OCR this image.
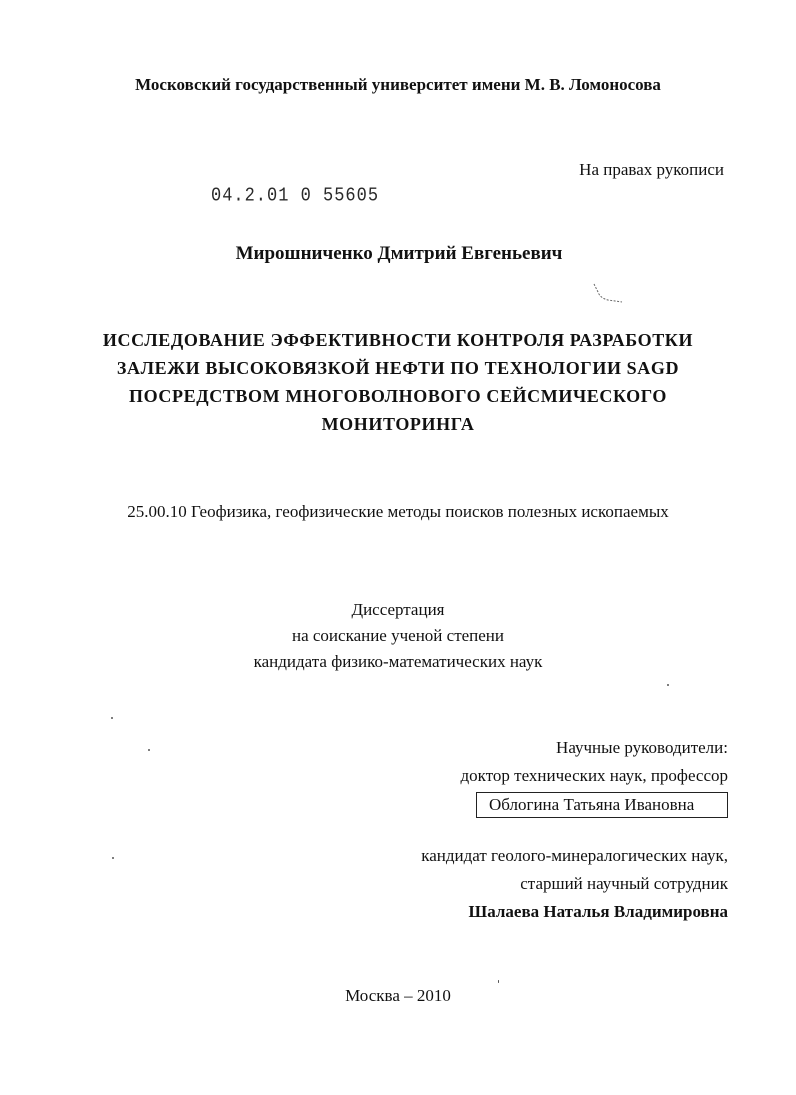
Московский государственный университет имени М. В. Ломоносова
На правах рукописи
04.2.01 0 55605
Мирошниченко Дмитрий Евгеньевич
ИССЛЕДОВАНИЕ ЭФФЕКТИВНОСТИ КОНТРОЛЯ РАЗРАБОТКИ
ЗАЛЕЖИ ВЫСОКОВЯЗКОЙ НЕФТИ ПО ТЕХНОЛОГИИ SAGD
ПОСРЕДСТВОМ МНОГОВОЛНОВОГО СЕЙСМИЧЕСКОГО
МОНИТОРИНГА
25.00.10 Геофизика, геофизические методы поисков полезных ископаемых
Диссертация
на соискание ученой степени
кандидата физико-математических наук
Научные руководители:
доктор технических наук, профессор
Облогина Татьяна Ивановна
кандидат геолого-минералогических наук,
старший научный сотрудник
Шалаева Наталья Владимировна
Москва – 2010
